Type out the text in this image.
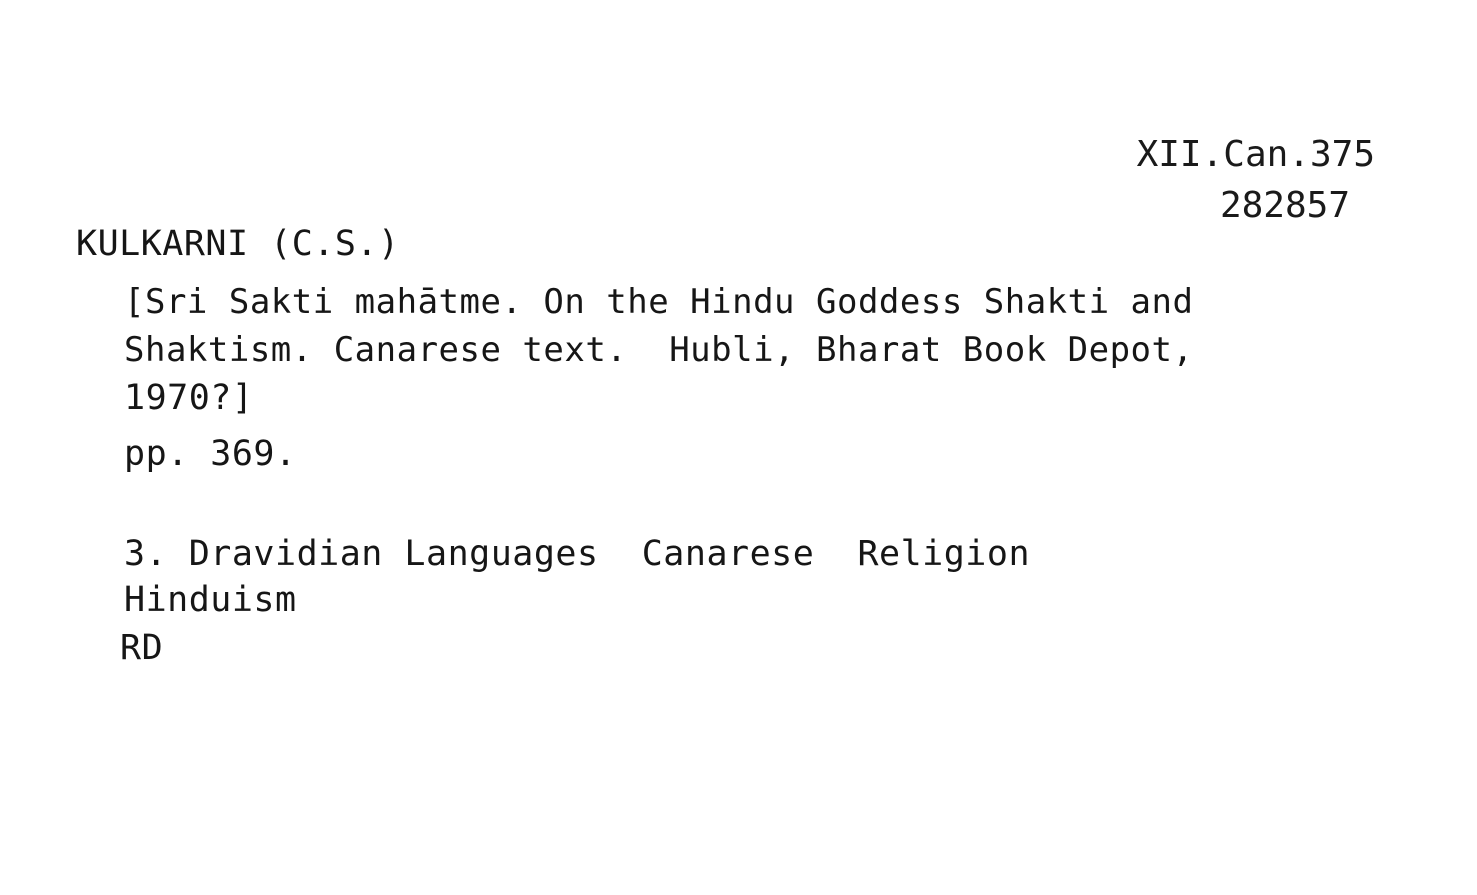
XII.Can.375
282857
KULKARNI (C.S.)
[Sri Sakti mahātme. On the Hindu Goddess Shakti and
Shaktism. Canarese text.  Hubli, Bharat Book Depot,
1970?]
pp. 369.
3. Dravidian Languages  Canarese  Religion
Hinduism
RD
